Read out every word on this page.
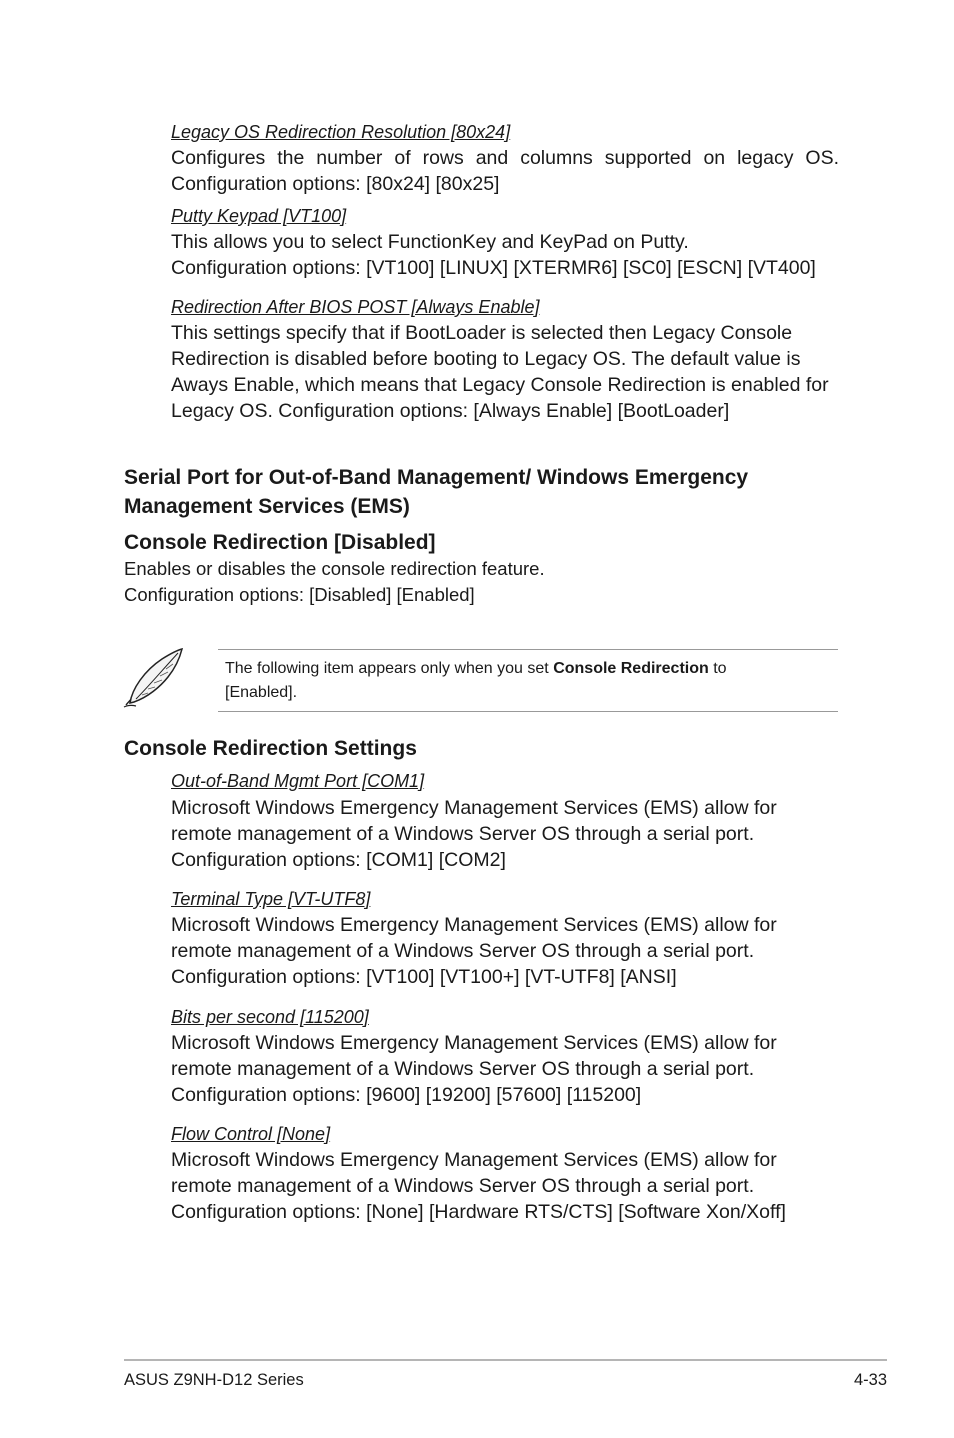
Legacy OS Redirection Resolution [80x24]
Configures the number of rows and columns supported on legacy OS.
Configuration options: [80x24] [80x25]
Putty Keypad [VT100]
This allows you to select FunctionKey and KeyPad on Putty.
Configuration options: [VT100] [LINUX] [XTERMR6] [SC0] [ESCN] [VT400]
Redirection After BIOS POST [Always Enable]
This settings specify that if BootLoader is selected then Legacy Console
Redirection is disabled before booting to Legacy OS. The default value is
Aways Enable, which means that Legacy Console Redirection is enabled for
Legacy OS. Configuration options: [Always Enable] [BootLoader]
Serial Port for Out-of-Band Management/ Windows Emergency
Management Services (EMS)
Console Redirection [Disabled]
Enables or disables the console redirection feature.
Configuration options: [Disabled] [Enabled]
The following item appears only when you set Console Redirection to
[Enabled].
Console Redirection Settings
Out-of-Band Mgmt Port [COM1]
Microsoft Windows Emergency Management Services (EMS) allow for
remote management of a Windows Server OS through a serial port.
Configuration options: [COM1] [COM2]
Terminal Type [VT-UTF8]
Microsoft Windows Emergency Management Services (EMS) allow for
remote management of a Windows Server OS through a serial port.
Configuration options: [VT100] [VT100+] [VT-UTF8] [ANSI]
Bits per second [115200]
Microsoft Windows Emergency Management Services (EMS) allow for
remote management of a Windows Server OS through a serial port.
Configuration options: [9600] [19200] [57600] [115200]
Flow Control [None]
Microsoft Windows Emergency Management Services (EMS) allow for
remote management of a Windows Server OS through a serial port.
Configuration options: [None] [Hardware RTS/CTS] [Software Xon/Xoff]
ASUS Z9NH-D12 Series	4-33
